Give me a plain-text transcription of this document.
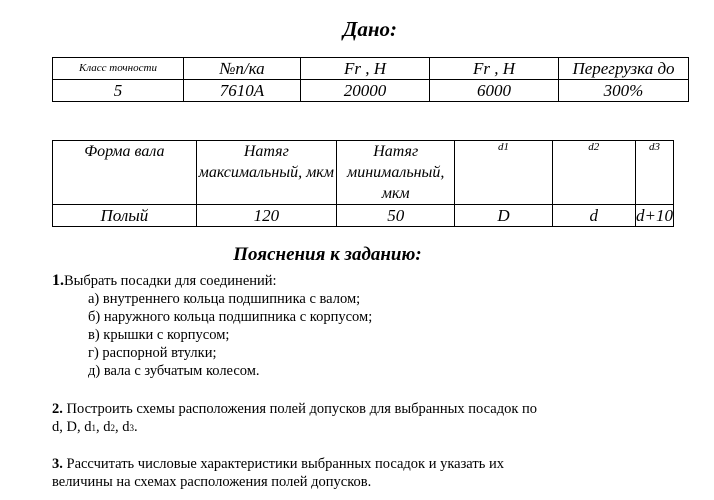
Дано:
Класс точности	№п/ка	Fr , Н	Fr , Н	Перегрузка до
5	7610А	20000	6000	300%
Форма вала	Натяг максимальный, мкм	Натяг минимальный, мкм	d1	d2	d3
Полый	120	50	D	d	d+10
Пояснения к заданию:
1.Выбрать посадки для соединений:
а) внутреннего кольца подшипника с валом;
б) наружного кольца подшипника с корпусом;
в) крышки с корпусом;
г) распорной втулки;
д) вала с зубчатым колесом.
2. Построить схемы расположения полей допусков для выбранных посадок по
d, D, d1, d2, d3.
3. Рассчитать числовые характеристики выбранных посадок и указать их
величины на схемах расположения полей допусков.
